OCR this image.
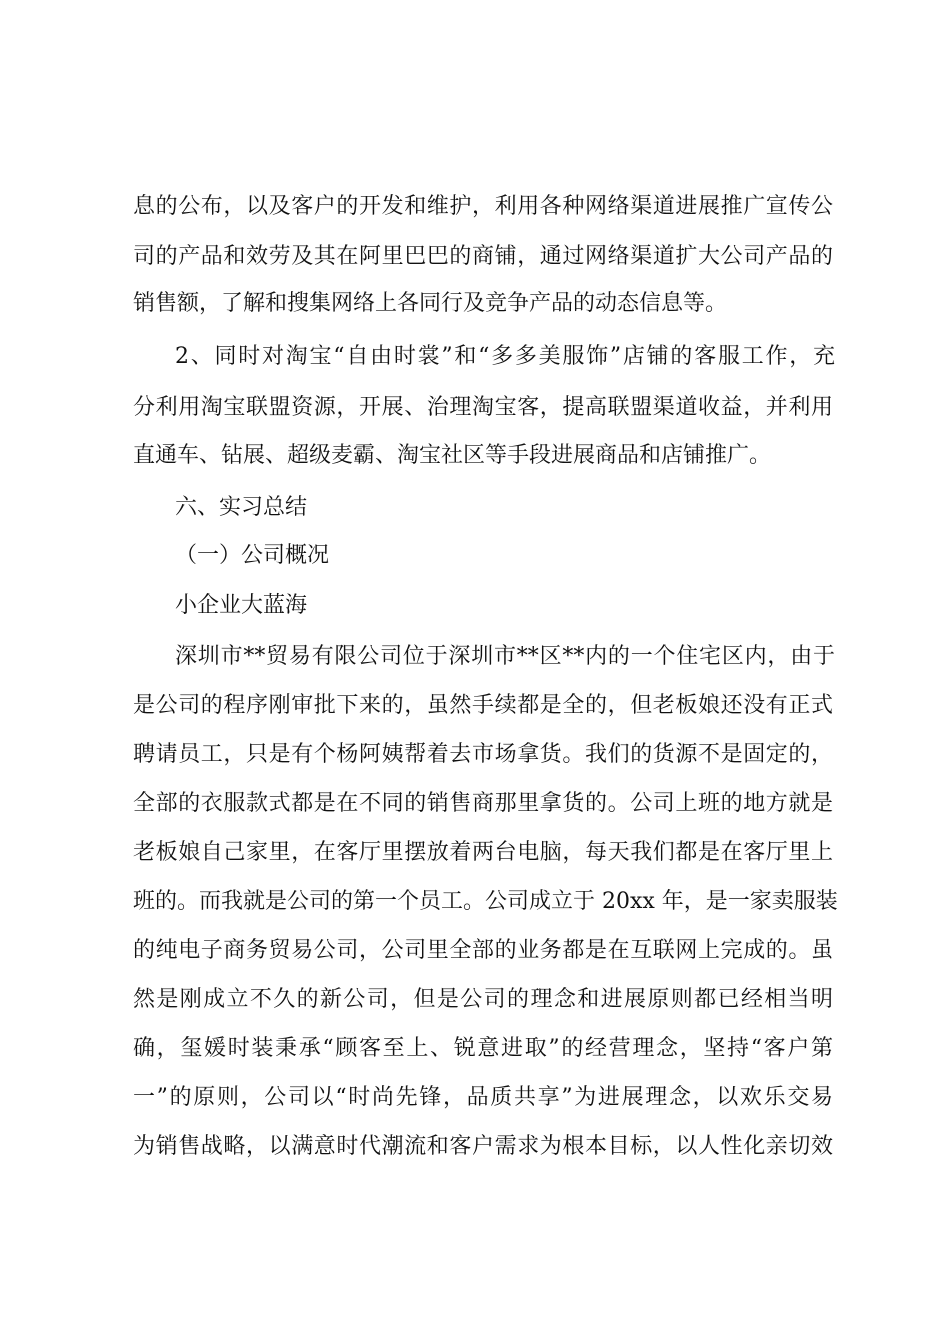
息的公布，以及客户的开发和维护，利用各种网络渠道进展推广宣传公
司的产品和效劳及其在阿里巴巴的商铺，通过网络渠道扩大公司产品的
销售额，了解和搜集网络上各同行及竞争产品的动态信息等。
2、同时对淘宝“自由时裳”和“多多美服饰”店铺的客服工作，充
分利用淘宝联盟资源，开展、治理淘宝客，提高联盟渠道收益，并利用
直通车、钻展、超级麦霸、淘宝社区等手段进展商品和店铺推广。
六、实习总结
（一）公司概况
小企业大蓝海
深圳市**贸易有限公司位于深圳市**区**内的一个住宅区内，由于
是公司的程序刚审批下来的，虽然手续都是全的，但老板娘还没有正式
聘请员工，只是有个杨阿姨帮着去市场拿货。我们的货源不是固定的，
全部的衣服款式都是在不同的销售商那里拿货的。公司上班的地方就是
老板娘自己家里，在客厅里摆放着两台电脑，每天我们都是在客厅里上
班的。而我就是公司的第一个员工。公司成立于 20xx 年，是一家卖服装
的纯电子商务贸易公司，公司里全部的业务都是在互联网上完成的。虽
然是刚成立不久的新公司，但是公司的理念和进展原则都已经相当明
确，玺媛时装秉承“顾客至上、锐意进取”的经营理念，坚持“客户第
一”的原则，公司以“时尚先锋，品质共享”为进展理念，以欢乐交易
为销售战略，以满意时代潮流和客户需求为根本目标，以人性化亲切效
